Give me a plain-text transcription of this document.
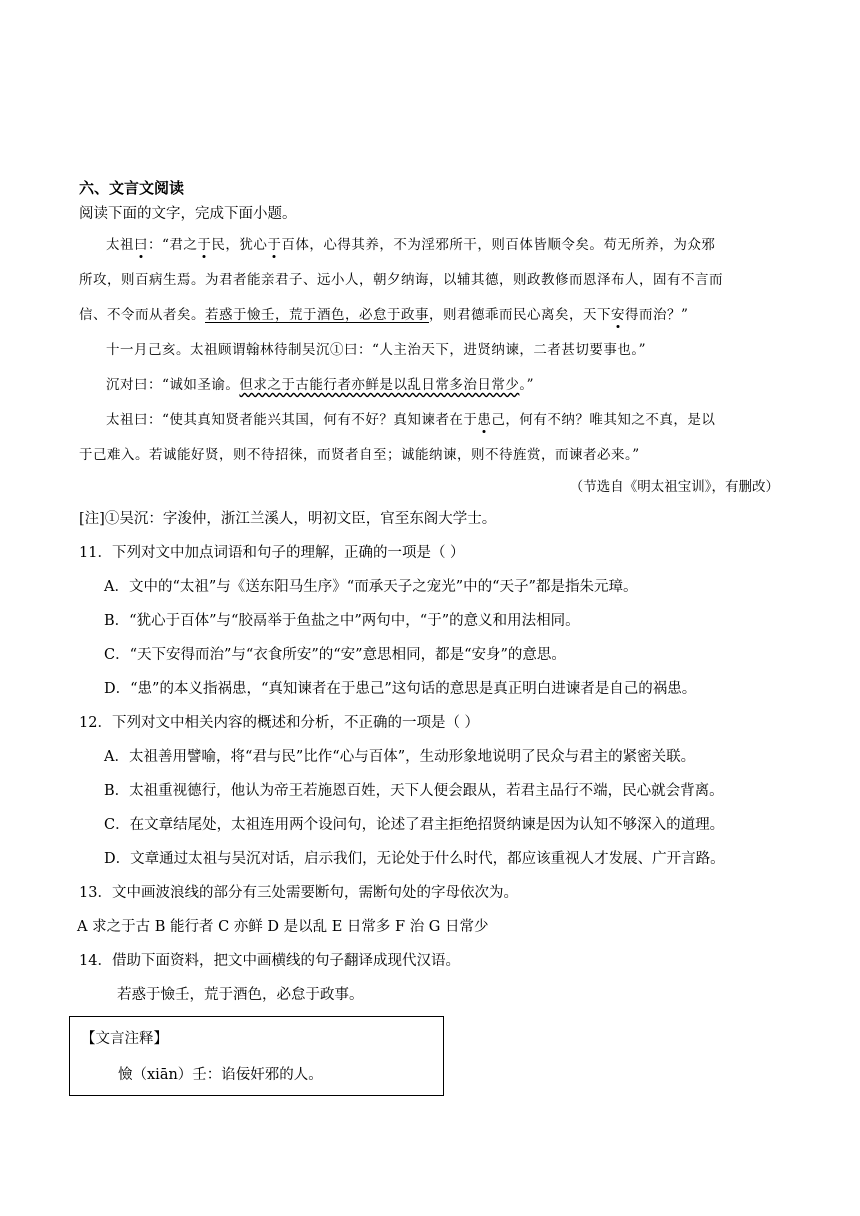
六、文言文阅读

阅读下面的文字，完成下面小题。

太祖曰：“君之于民，犹心于百体，心得其养，不为淫邪所干，则百体皆顺令矣。苟无所养，为众邪
所攻，则百病生焉。为君者能亲君子、远小人，朝夕纳诲，以辅其德，则政教修而恩泽布人，固有不言而
信、不令而从者矣。若惑于憸壬，荒于酒色，必怠于政事，则君德乖而民心离矣，天下安得而治？”

十一月己亥。太祖顾谓翰林待制吴沉①曰：“人主治天下，进贤纳谏，二者甚切要事也。”

沉对曰：“诚如圣谕。但求之于古能行者亦鲜是以乱日常多治日常少。”

太祖曰：“使其真知贤者能兴其国，何有不好？真知谏者在于患己，何有不纳？唯其知之不真，是以
于己难入。若诚能好贤，则不待招徕，而贤者自至；诚能纳谏，则不待旌赏，而谏者必来。”

（节选自《明太祖宝训》，有删改）

[注]①吴沉：字浚仲，浙江兰溪人，明初文臣，官至东阁大学士。

11．下列对文中加点词语和句子的理解，正确的一项是（ ）

A．文中的“太祖”与《送东阳马生序》“而承天子之宠光”中的“天子”都是指朱元璋。

B．“犹心于百体”与“胶鬲举于鱼盐之中”两句中，“于”的意义和用法相同。

C．“天下安得而治”与“衣食所安”的“安”意思相同，都是“安身”的意思。

D．“患”的本义指祸患，“真知谏者在于患己”这句话的意思是真正明白进谏者是自己的祸患。

12．下列对文中相关内容的概述和分析，不正确的一项是（ ）

A．太祖善用譬喻，将“君与民”比作“心与百体”，生动形象地说明了民众与君主的紧密关联。

B．太祖重视德行，他认为帝王若施恩百姓，天下人便会跟从，若君主品行不端，民心就会背离。

C．在文章结尾处，太祖连用两个设问句，论述了君主拒绝招贤纳谏是因为认知不够深入的道理。

D．文章通过太祖与吴沉对话，启示我们，无论处于什么时代，都应该重视人才发展、广开言路。

13．文中画波浪线的部分有三处需要断句，需断句处的字母依次为。

A 求之于古 B 能行者 C 亦鲜 D 是以乱 E 日常多 F 治 G 日常少

14．借助下面资料，把文中画横线的句子翻译成现代汉语。

若惑于憸壬，荒于酒色，必怠于政事。

【文言注释】
憸（xiān）壬：谄佞奸邪的人。
